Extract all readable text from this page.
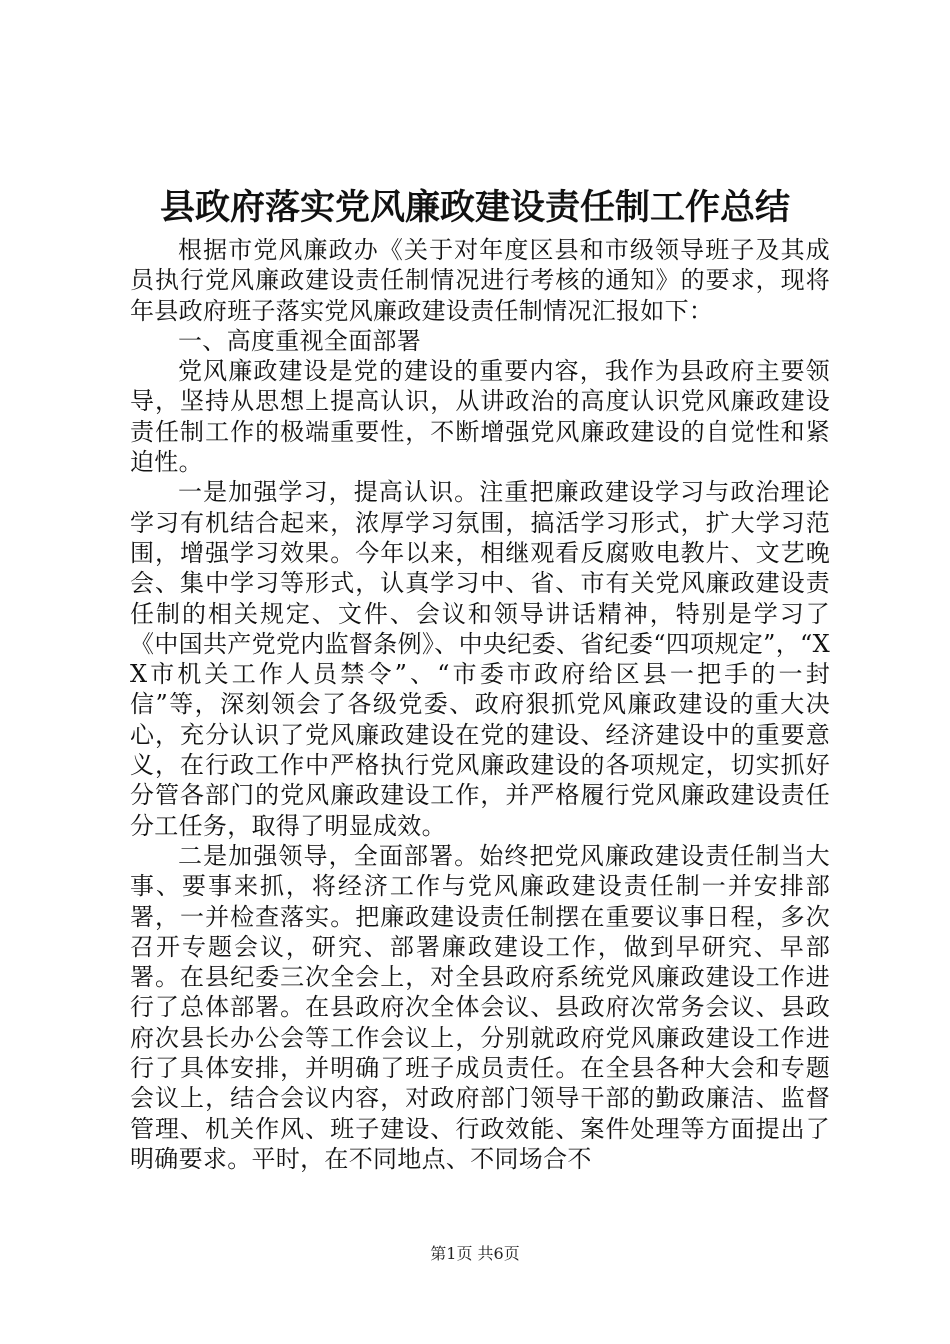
县政府落实党风廉政建设责任制工作总结

根据市党风廉政办《关于对年度区县和市级领导班子及其成员执行党风廉政建设责任制情况进行考核的通知》的要求，现将年县政府班子落实党风廉政建设责任制情况汇报如下：

一、高度重视全面部署

党风廉政建设是党的建设的重要内容，我作为县政府主要领导，坚持从思想上提高认识，从讲政治的高度认识党风廉政建设责任制工作的极端重要性，不断增强党风廉政建设的自觉性和紧迫性。

一是加强学习，提高认识。注重把廉政建设学习与政治理论学习有机结合起来，浓厚学习氛围，搞活学习形式，扩大学习范围，增强学习效果。今年以来，相继观看反腐败电教片、文艺晚会、集中学习等形式，认真学习中、省、市有关党风廉政建设责任制的相关规定、文件、会议和领导讲话精神，特别是学习了《中国共产党党内监督条例》、中央纪委、省纪委“四项规定”，“XX市机关工作人员禁令”、“市委市政府给区县一把手的一封信”等，深刻领会了各级党委、政府狠抓党风廉政建设的重大决心，充分认识了党风廉政建设在党的建设、经济建设中的重要意义，在行政工作中严格执行党风廉政建设的各项规定，切实抓好分管各部门的党风廉政建设工作，并严格履行党风廉政建设责任分工任务，取得了明显成效。

二是加强领导，全面部署。始终把党风廉政建设责任制当大事、要事来抓，将经济工作与党风廉政建设责任制一并安排部署，一并检查落实。把廉政建设责任制摆在重要议事日程，多次召开专题会议，研究、部署廉政建设工作，做到早研究、早部署。在县纪委三次全会上，对全县政府系统党风廉政建设工作进行了总体部署。在县政府次全体会议、县政府次常务会议、县政府次县长办公会等工作会议上，分别就政府党风廉政建设工作进行了具体安排，并明确了班子成员责任。在全县各种大会和专题会议上，结合会议内容，对政府部门领导干部的勤政廉洁、监督管理、机关作风、班子建设、行政效能、案件处理等方面提出了明确要求。平时，在不同地点、不同场合不

第1页 共6页
